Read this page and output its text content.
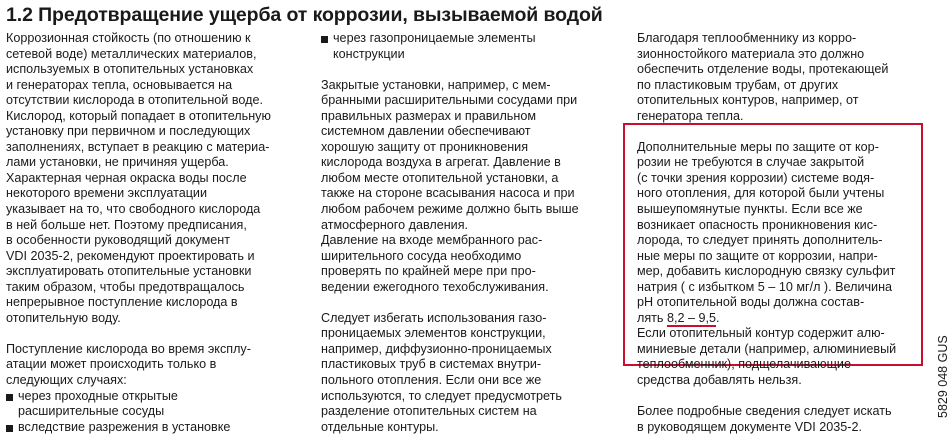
1.2 Предотвращение ущерба от коррозии, вызываемой водой
Коррозионная стойкость (по отношению к
сетевой воде) металлических материалов,
используемых в отопительных установках
и генераторах тепла, основывается на
отсутствии кислорода в отопительной воде.
Кислород, который попадает в отопительную
установку при первичном и последующих
заполнениях, вступает в реакцию с материа-
лами установки, не причиняя ущерба.
Характерная черная окраска воды после
некоторого времени эксплуатации
указывает на то, что свободного кислорода
в ней больше нет. Поэтому предписания,
в особенности руководящий документ
VDI 2035-2, рекомендуют проектировать и
эксплуатировать отопительные установки
таким образом, чтобы предотвращалось
непрерывное поступление кислорода в
отопительную воду.
Поступление кислорода во время эксплу-
атации может происходить только в
следующих случаях:
через проходные открытые
расширительные сосуды
вследствие разрежения в установке
через газопроницаемые элементы
конструкции
Закрытые установки, например, с мем-
бранными расширительными сосудами при
правильных размерах и правильном
системном давлении обеспечивают
хорошую защиту от проникновения
кислорода воздуха в агрегат. Давление в
любом месте отопительной установки, а
также на стороне всасывания насоса и при
любом рабочем режиме должно быть выше
атмосферного давления.
Давление на входе мембранного рас-
ширительного сосуда необходимо
проверять по крайней мере при про-
ведении ежегодного техобслуживания.
Следует избегать использования газо-
проницаемых элементов конструкции,
например, диффузионно-проницаемых
пластиковых труб в системах внутри-
польного отопления. Если они все же
используются, то следует предусмотреть
разделение отопительных систем на
отдельные контуры.
Благодаря теплообменнику из корро-
зионностойкого материала это должно
обеспечить отделение воды, протекающей
по пластиковым трубам, от других
отопительных контуров, например, от
генератора тепла.
Дополнительные меры по защите от кор-
розии не требуются в случае закрытой
(с точки зрения коррозии) системе водя-
ного отопления, для которой были учтены
вышеупомянутые пункты. Если все же
возникает опасность проникновения кис-
лорода, то следует принять дополнитель-
ные меры по защите от коррозии, напри-
мер, добавить кислородную связку сульфит
натрия ( с избытком 5 – 10 мг/л ). Величина
pH отопительной воды должна состав-
лять 8,2 – 9,5.
Если отопительный контур содержит алю-
миниевые детали (например, алюминиевый
теплообменник), подщелачивающие
средства добавлять нельзя.
Более подробные сведения следует искать
в руководящем документе VDI 2035-2.
5829 048 GUS
